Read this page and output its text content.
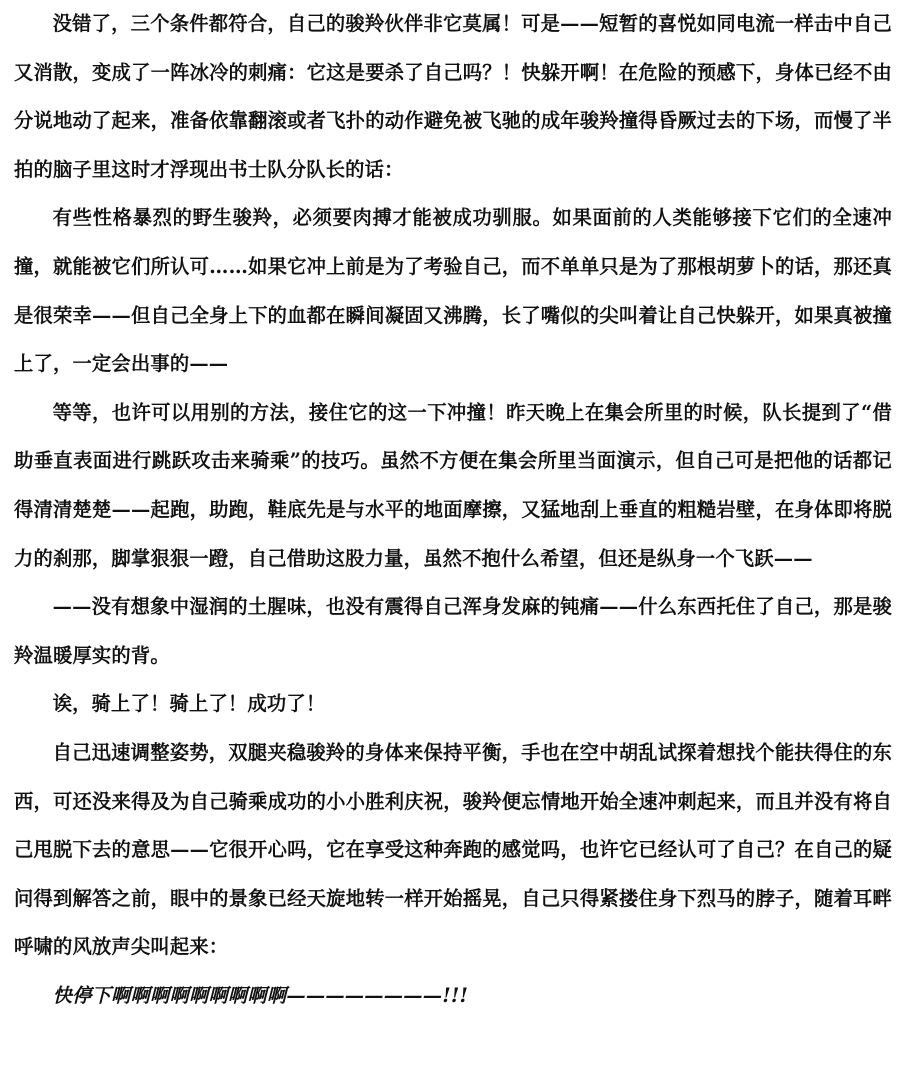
没错了，三个条件都符合，自己的骏羚伙伴非它莫属！可是——短暂的喜悦如同电流一样击中自己又消散，变成了一阵冰冷的刺痛：它这是要杀了自己吗？！快躲开啊！在危险的预感下，身体已经不由分说地动了起来，准备依靠翻滚或者飞扑的动作避免被飞驰的成年骏羚撞得昏厥过去的下场，而慢了半拍的脑子里这时才浮现出书士队分队长的话：

有些性格暴烈的野生骏羚，必须要肉搏才能被成功驯服。如果面前的人类能够接下它们的全速冲撞，就能被它们所认可……如果它冲上前是为了考验自己，而不单单只是为了那根胡萝卜的话，那还真是很荣幸——但自己全身上下的血都在瞬间凝固又沸腾，长了嘴似的尖叫着让自己快躲开，如果真被撞上了，一定会出事的——

等等，也许可以用别的方法，接住它的这一下冲撞！昨天晚上在集会所里的时候，队长提到了“借助垂直表面进行跳跃攻击来骑乘”的技巧。虽然不方便在集会所里当面演示，但自己可是把他的话都记得清清楚楚——起跑，助跑，鞋底先是与水平的地面摩擦，又猛地刮上垂直的粗糙岩壁，在身体即将脱力的刹那，脚掌狠狠一蹬，自己借助这股力量，虽然不抱什么希望，但还是纵身一个飞跃——

——没有想象中湿润的土腥味，也没有震得自己浑身发麻的钝痛——什么东西托住了自己，那是骏羚温暖厚实的背。

诶，骑上了！骑上了！成功了！

自己迅速调整姿势，双腿夹稳骏羚的身体来保持平衡，手也在空中胡乱试探着想找个能扶得住的东西，可还没来得及为自己骑乘成功的小小胜利庆祝，骏羚便忘情地开始全速冲刺起来，而且并没有将自己甩脱下去的意思——它很开心吗，它在享受这种奔跑的感觉吗，也许它已经认可了自己？在自己的疑问得到解答之前，眼中的景象已经天旋地转一样开始摇晃，自己只得紧搂住身下烈马的脖子，随着耳畔呼啸的风放声尖叫起来：

快停下啊啊啊啊啊啊啊啊啊————————!!!
